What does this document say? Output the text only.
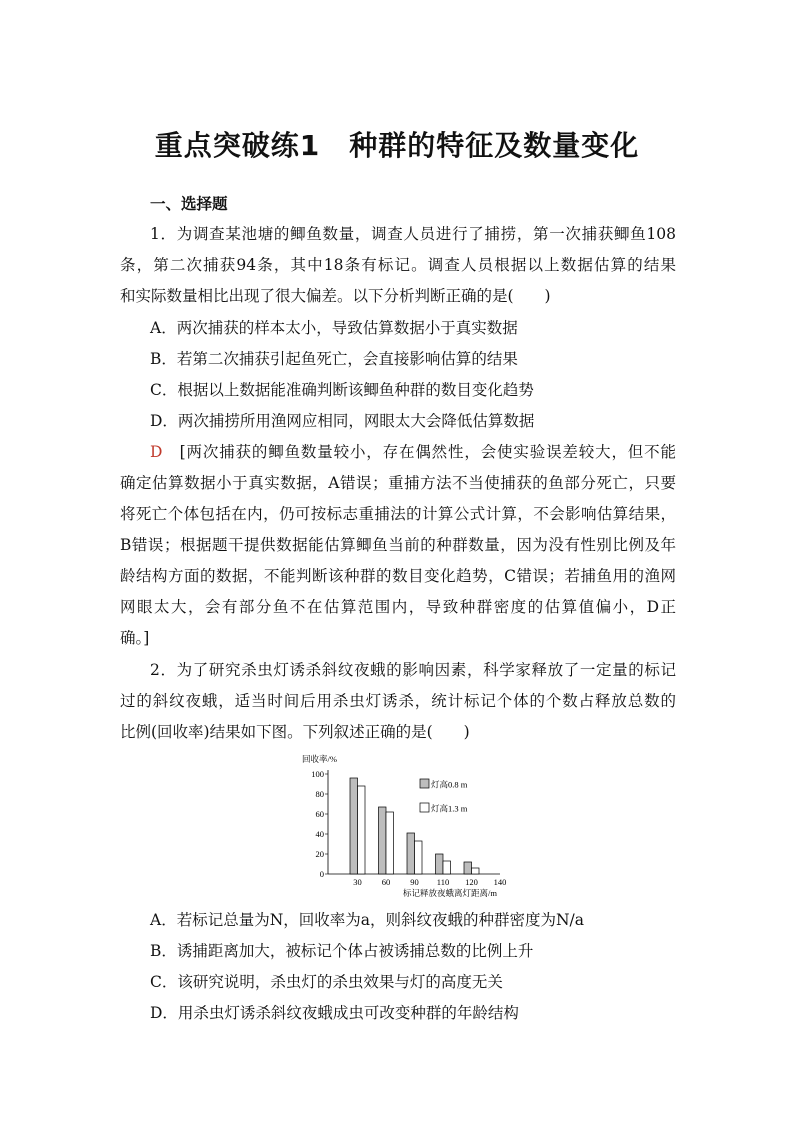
重点突破练1　种群的特征及数量变化
一、选择题
1．为调查某池塘的鲫鱼数量，调查人员进行了捕捞，第一次捕获鲫鱼108
条，第二次捕获94条，其中18条有标记。调查人员根据以上数据估算的结果
和实际数量相比出现了很大偏差。以下分析判断正确的是(　　)
A．两次捕获的样本太小，导致估算数据小于真实数据
B．若第二次捕获引起鱼死亡，会直接影响估算的结果
C．根据以上数据能准确判断该鲫鱼种群的数目变化趋势
D．两次捕捞所用渔网应相同，网眼太大会降低估算数据
D　 [两次捕获的鲫鱼数量较小，存在偶然性，会使实验误差较大，但不能
确定估算数据小于真实数据，A错误；重捕方法不当使捕获的鱼部分死亡，只要
将死亡个体包括在内，仍可按标志重捕法的计算公式计算，不会影响估算结果，
B错误；根据题干提供数据能估算鲫鱼当前的种群数量，因为没有性别比例及年
龄结构方面的数据，不能判断该种群的数目变化趋势，C错误；若捕鱼用的渔网
网眼太大，会有部分鱼不在估算范围内，导致种群密度的估算值偏小，D正
确。]
2．为了研究杀虫灯诱杀斜纹夜蛾的影响因素，科学家释放了一定量的标记
过的斜纹夜蛾，适当时间后用杀虫灯诱杀，统计标记个体的个数占释放总数的
比例(回收率)结果如下图。下列叙述正确的是(　　)
0
20
40
60
80
100
回收率/%
30 60 90 110 120 140
标记释放夜蛾离灯距离/m
灯高0.8 m
灯高1.3 m
A．若标记总量为N，回收率为a，则斜纹夜蛾的种群密度为N/a
B．诱捕距离加大，被标记个体占被诱捕总数的比例上升
C．该研究说明，杀虫灯的杀虫效果与灯的高度无关
D．用杀虫灯诱杀斜纹夜蛾成虫可改变种群的年龄结构
